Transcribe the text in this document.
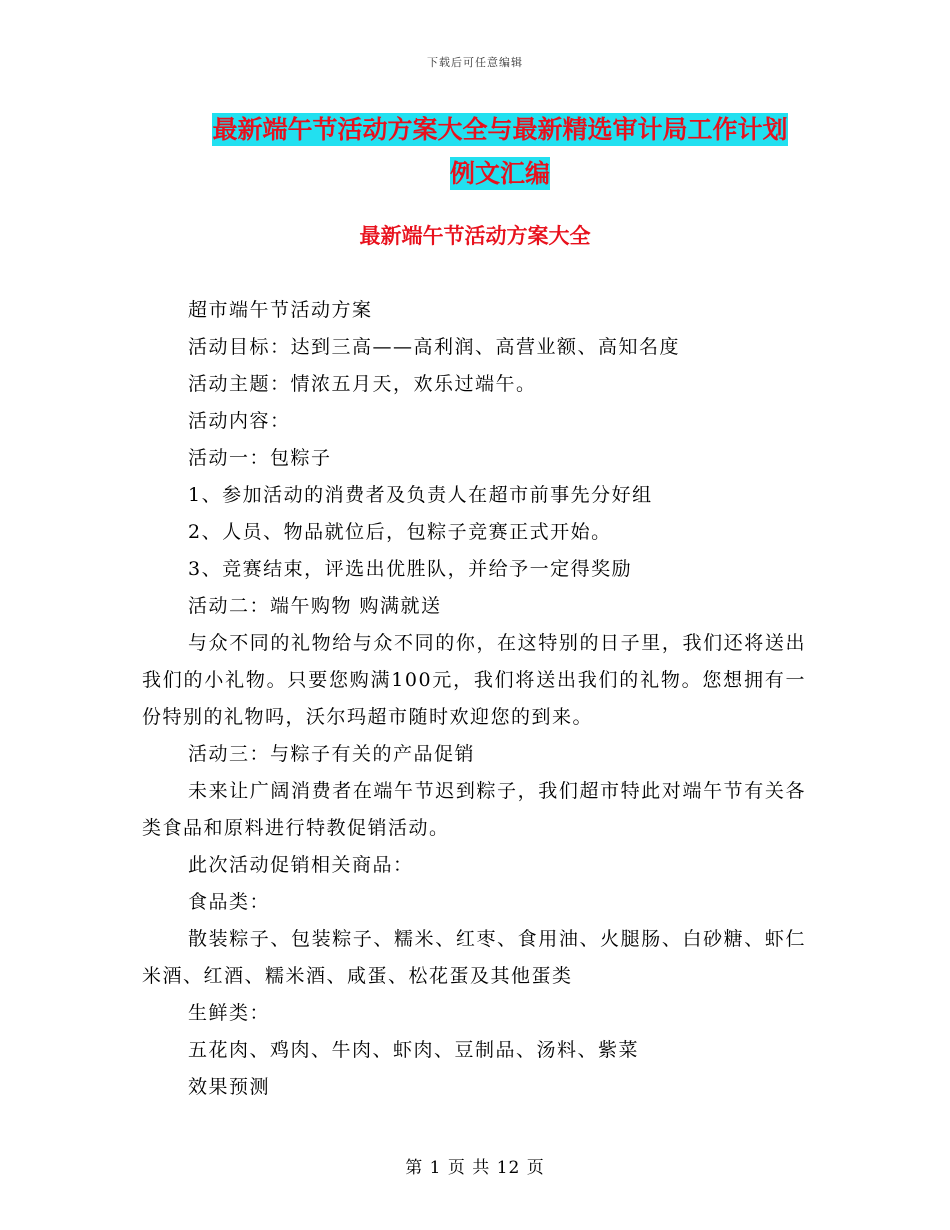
下载后可任意编辑
最新端午节活动方案大全与最新精选审计局工作计划
例文汇编
最新端午节活动方案大全

超市端午节活动方案

活动目标：达到三高——高利润、高营业额、高知名度

活动主题：情浓五月天，欢乐过端午。

活动内容：

活动一：包粽子

1、参加活动的消费者及负责人在超市前事先分好组

2、人员、物品就位后，包粽子竞赛正式开始。

3、竞赛结束，评选出优胜队，并给予一定得奖励

活动二：端午购物 购满就送

与众不同的礼物给与众不同的你，在这特别的日子里，我们还将送出我们的小礼物。只要您购满100元，我们将送出我们的礼物。您想拥有一份特别的礼物吗，沃尔玛超市随时欢迎您的到来。

活动三：与粽子有关的产品促销

未来让广阔消费者在端午节迟到粽子，我们超市特此对端午节有关各类食品和原料进行特教促销活动。

此次活动促销相关商品：

食品类：

散装粽子、包装粽子、糯米、红枣、食用油、火腿肠、白砂糖、虾仁米酒、红酒、糯米酒、咸蛋、松花蛋及其他蛋类

生鲜类：

五花肉、鸡肉、牛肉、虾肉、豆制品、汤料、紫菜

效果预测

第 1 页 共 12 页
